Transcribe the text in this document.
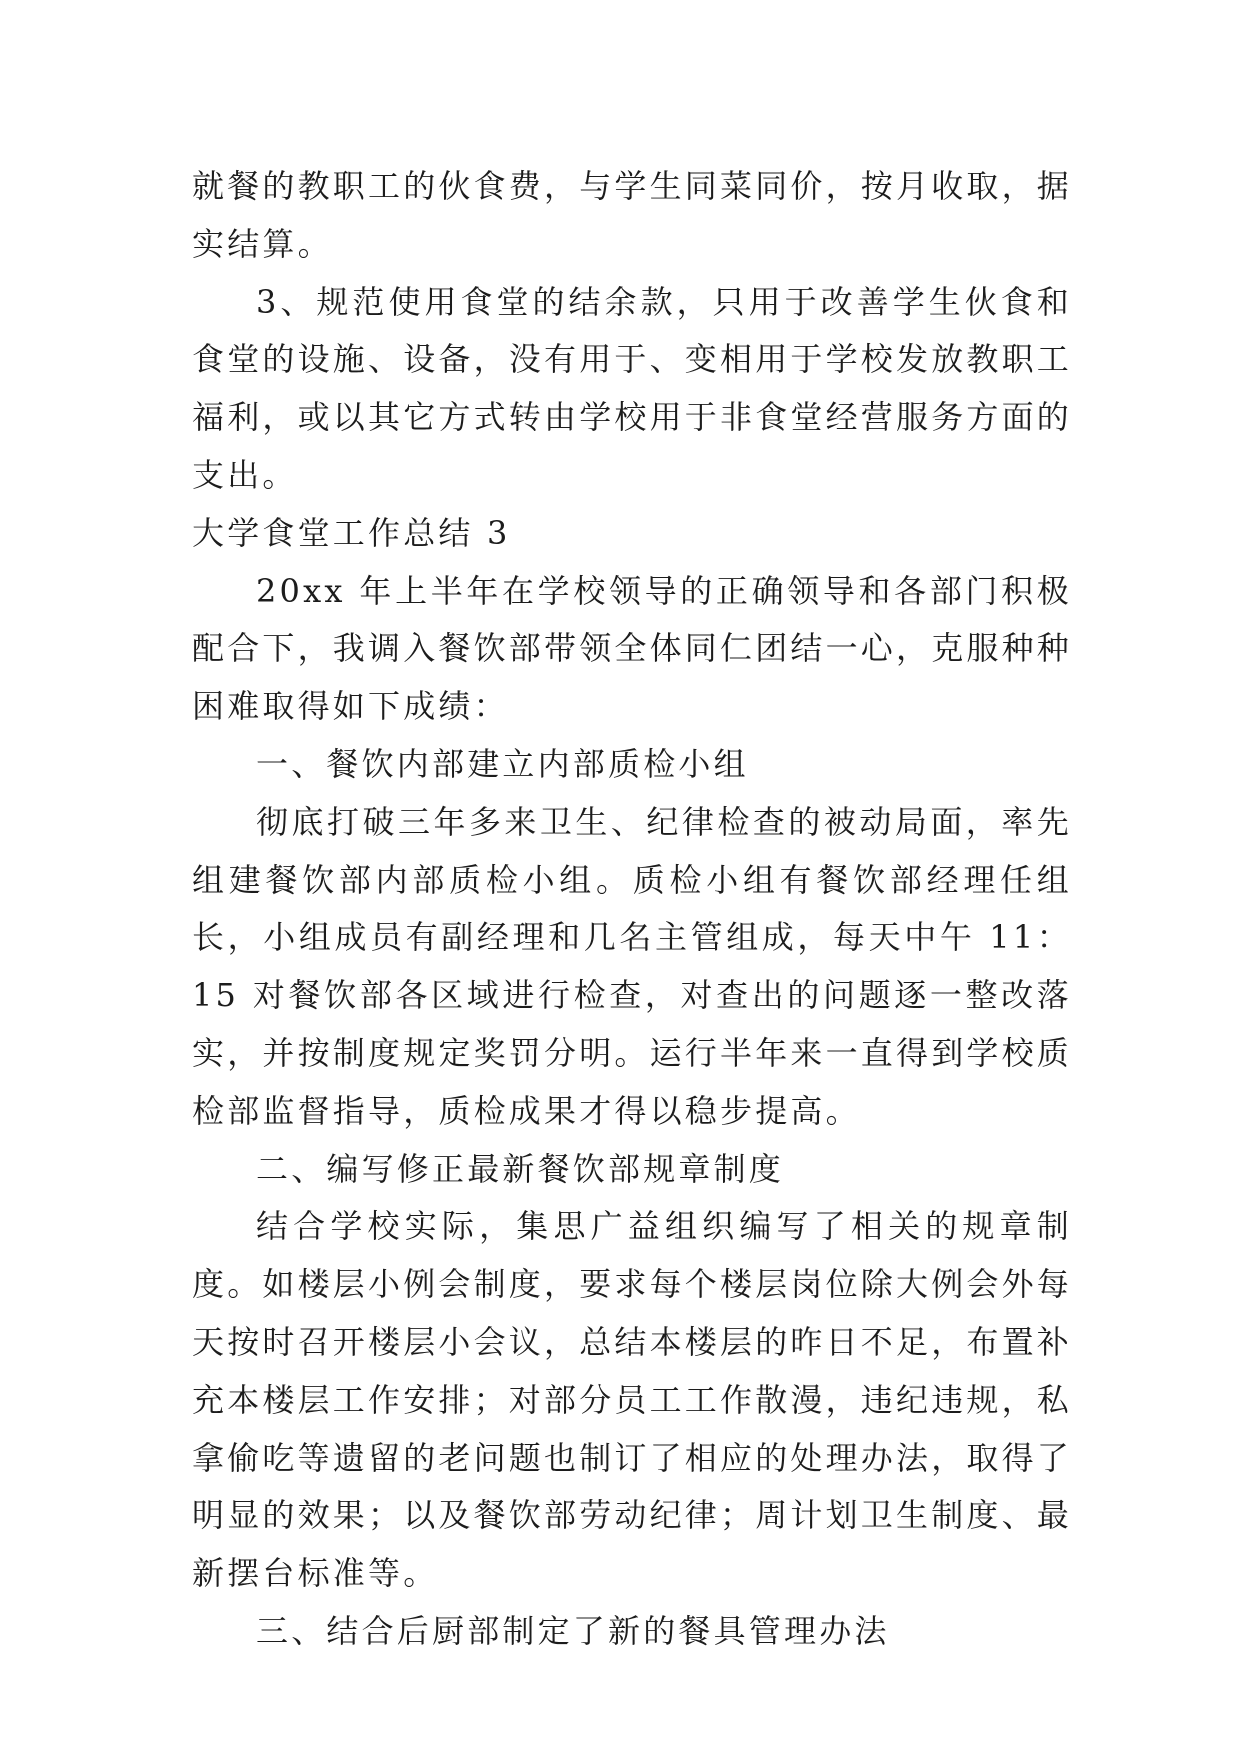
就餐的教职工的伙食费，与学生同菜同价，按月收取，据实结算。

3、规范使用食堂的结余款，只用于改善学生伙食和食堂的设施、设备，没有用于、变相用于学校发放教职工福利，或以其它方式转由学校用于非食堂经营服务方面的支出。

大学食堂工作总结 3

20xx 年上半年在学校领导的正确领导和各部门积极配合下，我调入餐饮部带领全体同仁团结一心，克服种种困难取得如下成绩：

一、餐饮内部建立内部质检小组

彻底打破三年多来卫生、纪律检查的被动局面，率先组建餐饮部内部质检小组。质检小组有餐饮部经理任组长，小组成员有副经理和几名主管组成，每天中午 11：15 对餐饮部各区域进行检查，对查出的问题逐一整改落实，并按制度规定奖罚分明。运行半年来一直得到学校质检部监督指导，质检成果才得以稳步提高。

二、编写修正最新餐饮部规章制度

结合学校实际，集思广益组织编写了相关的规章制度。如楼层小例会制度，要求每个楼层岗位除大例会外每天按时召开楼层小会议，总结本楼层的昨日不足，布置补充本楼层工作安排；对部分员工工作散漫，违纪违规，私拿偷吃等遗留的老问题也制订了相应的处理办法，取得了明显的效果；以及餐饮部劳动纪律；周计划卫生制度、最新摆台标准等。

三、结合后厨部制定了新的餐具管理办法
